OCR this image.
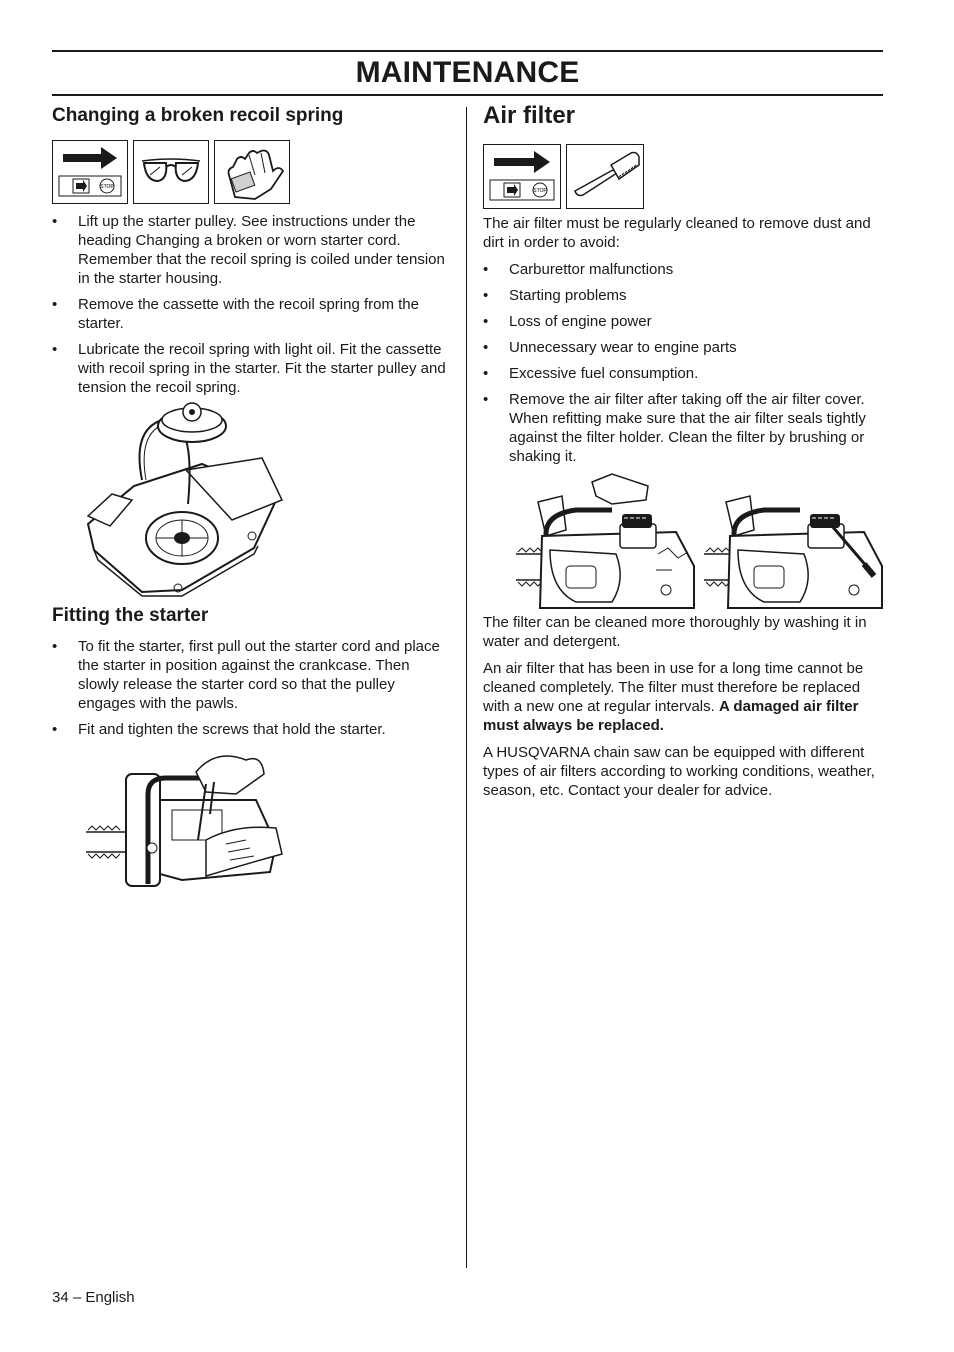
MAINTENANCE
Changing a broken recoil spring
STOP
• Lift up the starter pulley. See instructions under the heading Changing a broken or worn starter cord. Remember that the recoil spring is coiled under tension in the starter housing.
• Remove the cassette with the recoil spring from the starter.
• Lubricate the recoil spring with light oil. Fit the cassette with recoil spring in the starter. Fit the starter pulley and tension the recoil spring.
Fitting the starter
• To fit the starter, first pull out the starter cord and place the starter in position against the crankcase. Then slowly release the starter cord so that the pulley engages with the pawls.
• Fit and tighten the screws that hold the starter.
Air filter
STOP

The air filter must be regularly cleaned to remove dust and dirt in order to avoid:

• Carburettor malfunctions
• Starting problems
• Loss of engine power
• Unnecessary wear to engine parts
• Excessive fuel consumption.
• Remove the air filter after taking off the air filter cover. When refitting make sure that the air filter seals tightly against the filter holder. Clean the filter by brushing or shaking it.

The filter can be cleaned more thoroughly by washing it in water and detergent.

An air filter that has been in use for a long time cannot be cleaned completely. The filter must therefore be replaced with a new one at regular intervals. A damaged air filter must always be replaced.

A HUSQVARNA chain saw can be equipped with different types of air filters according to working conditions, weather, season, etc. Contact your dealer for advice.

34 – English
